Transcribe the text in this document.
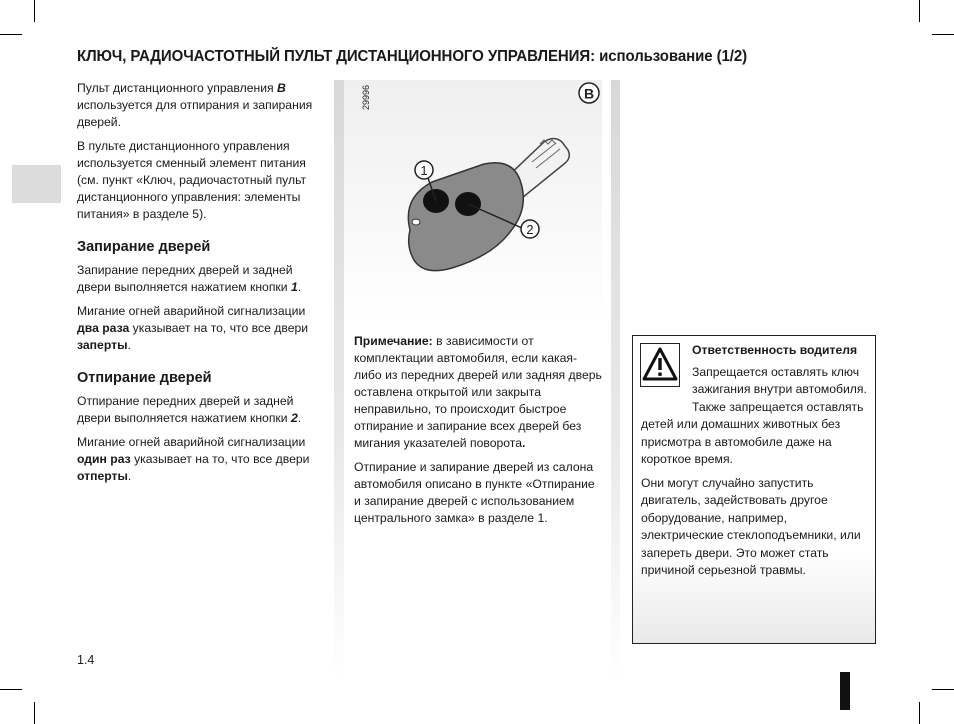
КЛЮЧ, РАДИОЧАСТОТНЫЙ ПУЛЬТ ДИСТАНЦИОННОГО УПРАВЛЕНИЯ: использование (1/2)

Пульт дистанционного управления B используется для отпирания и запирания дверей.

В пульте дистанционного управления используется сменный элемент питания (см. пункт «Ключ, радиочастотный пульт дистанционного управления: элементы питания» в разделе 5).

Запирание дверей

Запирание передних дверей и задней двери выполняется нажатием кнопки 1.

Мигание огней аварийной сигнализации два раза указывает на то, что все двери заперты.

Отпирание дверей

Отпирание передних дверей и задней двери выполняется нажатием кнопки 2.

Мигание огней аварийной сигнализации один раз указывает на то, что все двери отперты.

29996	B
1
2

Примечание: в зависимости от комплектации автомобиля, если какая-либо из передних дверей или задняя дверь оставлена открытой или закрыта неправильно, то происходит быстрое отпирание и запирание всех дверей без мигания указателей поворота.

Отпирание и запирание дверей из салона автомобиля описано в пункте «Отпирание и запирание дверей с использованием центрального замка» в разделе 1.

Ответственность водителя

Запрещается оставлять ключ зажигания внутри автомобиля.
Также запрещается оставлять детей или домашних животных без присмотра в автомобиле даже на короткое время.

Они могут случайно запустить двигатель, задействовать другое оборудование, например, электрические стеклоподъемники, или запереть двери. Это может стать причиной серьезной травмы.

1.4
